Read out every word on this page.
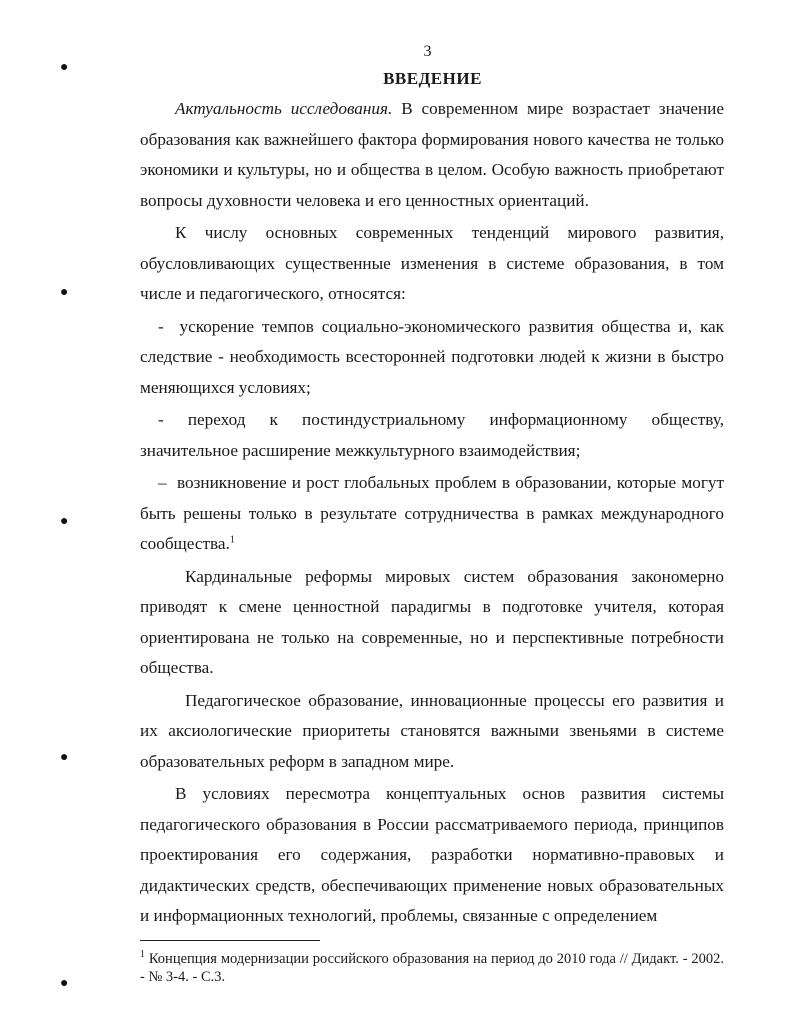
3
ВВЕДЕНИЕ

Актуальность исследования. В современном мире возрастает значение образования как важнейшего фактора формирования нового качества не только экономики и культуры, но и общества в целом. Особую важность приобретают вопросы духовности человека и его ценностных ориентаций.

К числу основных современных тенденций мирового развития, обусловливающих существенные изменения в системе образования, в том числе и педагогического, относятся:

- ускорение темпов социально-экономического развития общества и, как следствие - необходимость всесторонней подготовки людей к жизни в быстро меняющихся условиях;

- переход к постиндустриальному информационному обществу, значительное расширение межкультурного взаимодействия;

– возникновение и рост глобальных проблем в образовании, которые могут быть решены только в результате сотрудничества в рамках международного сообщества.$^1$

Кардинальные реформы мировых систем образования закономерно приводят к смене ценностной парадигмы в подготовке учителя, которая ориентирована не только на современные, но и перспективные потребности общества.

Педагогическое образование, инновационные процессы его развития и их аксиологические приоритеты становятся важными звеньями в системе образовательных реформ в западном мире.

В условиях пересмотра концептуальных основ развития системы педагогического образования в России рассматриваемого периода, принципов проектирования его содержания, разработки нормативно-правовых и дидактических средств, обеспечивающих применение новых образовательных и информационных технологий, проблемы, связанные с определением

$^1$ Концепция модернизации российского образования на период до 2010 года // Дидакт. - 2002. - № 3-4. - С.3.
●
●
●
●
●
